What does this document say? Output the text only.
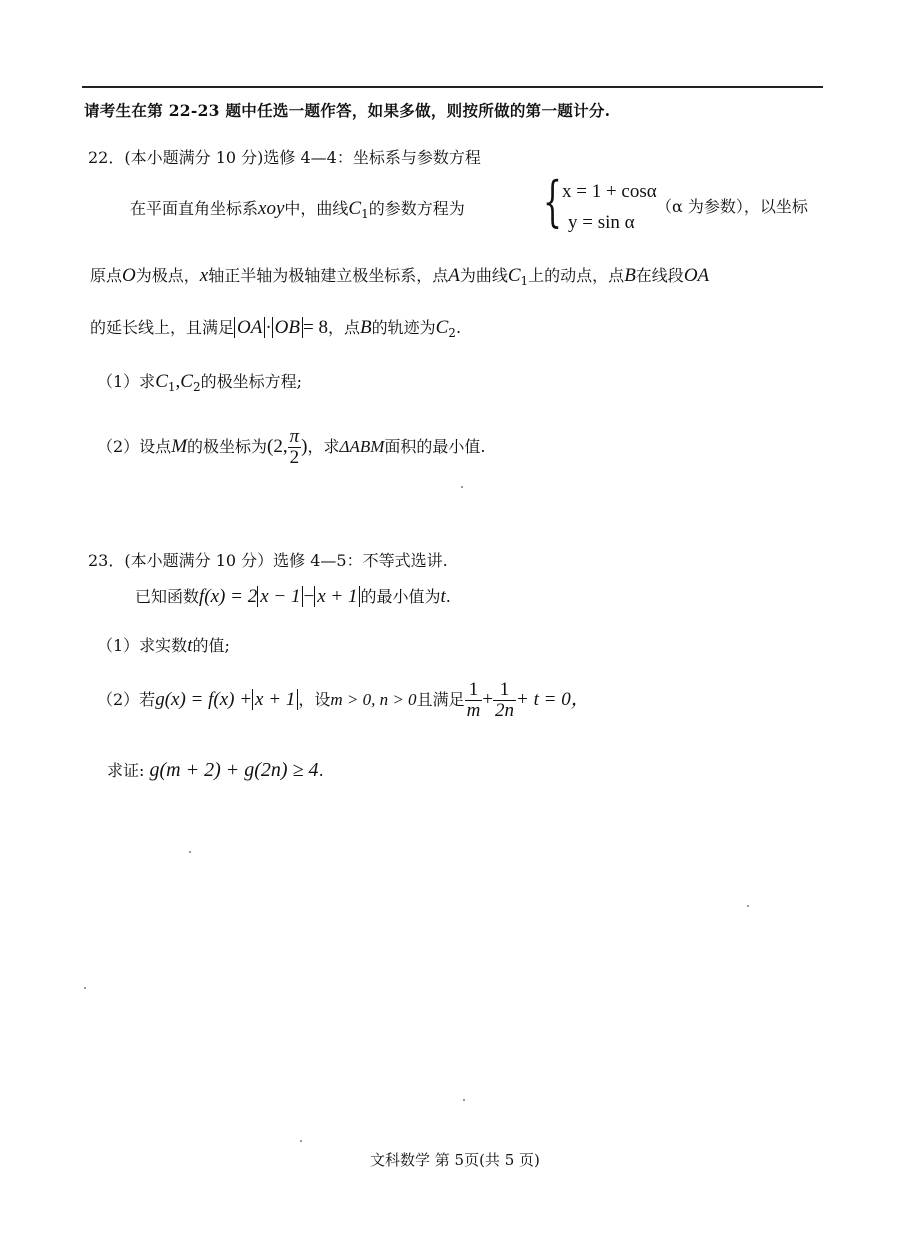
请考生在第 22-23 题中任选一题作答，如果多做，则按所做的第一题计分.
22．(本小题满分 10 分)选修 4—4：坐标系与参数方程
在平面直角坐标系xoy中，曲线$C_1$的参数方程为 { x = 1 + cosα
y = sin α
（α 为参数），以坐标
原点O为极点，x轴正半轴为极轴建立极坐标系，点A为曲线$C_1$上的动点，点B在线段OA
的延长线上，且满足 OA · OB = 8，点B的轨迹为$C_2$.
（1）求$C_1,C_2$的极坐标方程;
（2）设点M的极坐标为(2, $\frac{\pi}{2}$ )，求ΔABM面积的最小值.
23．(本小题满分 10 分）选修 4—5：不等式选讲.
已知函数f(x) = 2 x − 1 − x + 1 的最小值为t.
（1）求实数t的值;
（2）若g(x) = f(x) + x + 1 ，设m > 0, n > 0且满足 $\frac{1}{m} + \frac{1}{2n} + t = 0$，
求证: g(m + 2) + g(2n) ≥ 4.
文科数学 第 5页(共 5 页)
